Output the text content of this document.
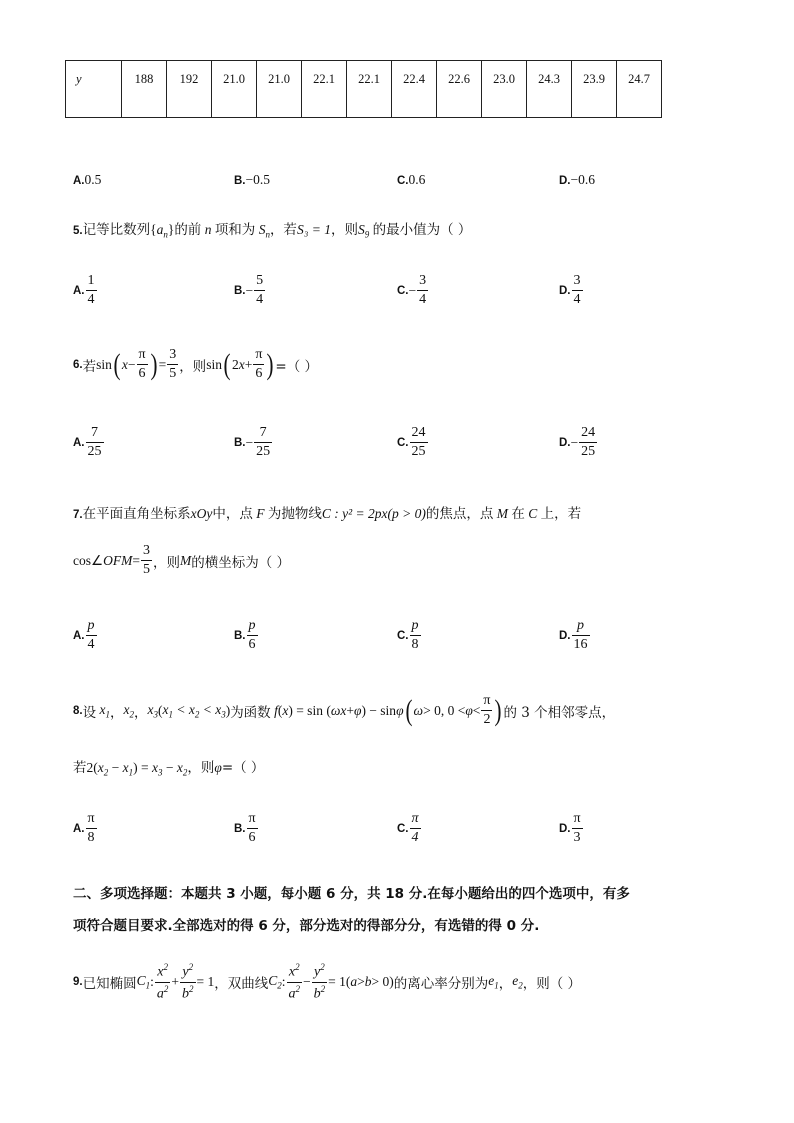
y	188	192	21.0	21.0	22.1	22.1	22.4	22.6	23.0	24.3	23.9	24.7
A.0.5	B.−0.5	C.0.6	D.−0.6
5.记等比数列$\{a_n\}$的前 n 项和为 $S_n$，若S₃ = 1，则$S_9$ 的最小值为（ ）
A. $\frac{1}{4}$	B. − $\frac{5}{4}$	C. − $\frac{3}{4}$	D. $\frac{3}{4}$
6. 若 sin ( $x - \frac{\pi}{6}$ ) = $\frac{3}{5}$ ，则 sin ( 2 $x + \frac{\pi}{6}$ ) =（ ）
A. $\frac{7}{25}$	B. − $\frac{7}{25}$	C. $\frac{24}{25}$	D. − $\frac{24}{25}$
7.在平面直角坐标系xOy中，点 F 为抛物线C : y² = 2px(p > 0)的焦点，点 M 在 C 上，若
cos∠ OFM = $\frac{3}{5}$ ，则 M 的横坐标为（ ）
A. $\frac{p}{4}$	B. $\frac{p}{6}$	C. $\frac{p}{8}$	D. $\frac{p}{16}$
8. 设 $x_1$ ， $x_2$ ， $x_3$ ( $x_1 < x_2 < x_3$ ) 为函数 f ( x ) = sin ( ωx + φ ) − sin φ ( ω > 0, $0 < \varphi < \frac{\pi}{2}$ ) 的 3 个相邻零点，
若$2(x_2 - x_1) = x_3 - x_2$，则φ=（ ）
A. $\frac{\pi}{8}$	B. $\frac{\pi}{6}$	C. $\frac{\pi}{4}$	D. $\frac{\pi}{3}$
二、多项选择题：本题共 3 小题，每小题 6 分，共 18 分.在每小题给出的四个选项中，有多
项符合题目要求.全部选对的得 6 分，部分选对的得部分分，有选错的得 0 分.
9. 已知椭圆 $C_1$ : $\frac{x^2}{a^2} + \frac{y^2}{b^2} = 1$ ，双曲线 $C_2$ : $\frac{x^2}{a^2} - \frac{y^2}{b^2} = 1$( a > b > 0) 的离心率分别为 $e_1$ ， $e_2$ ，则（ ）
